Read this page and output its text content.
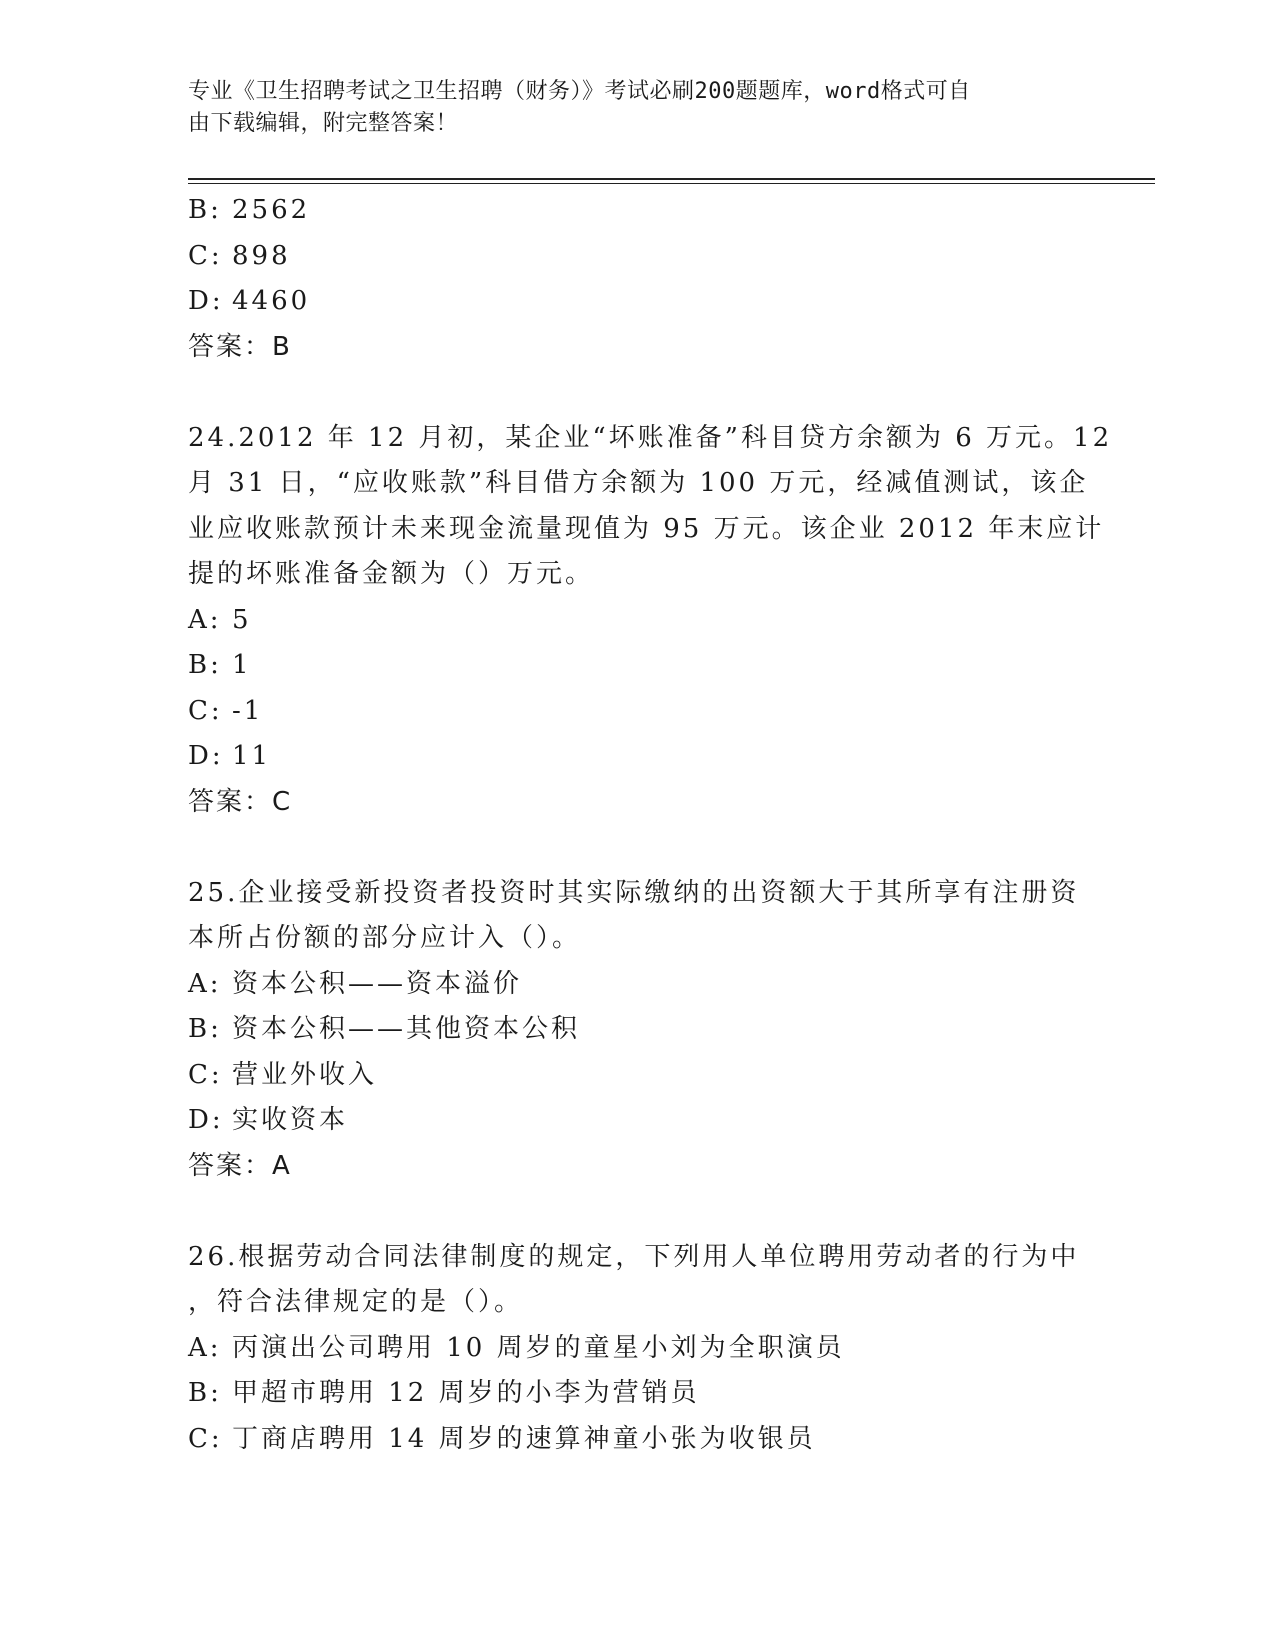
专业《卫生招聘考试之卫生招聘（财务）》考试必刷200题题库，word格式可自
由下载编辑，附完整答案！
B: 2562
C: 898
D: 4460
答案：B
24.2012 年 12 月初，某企业“坏账准备”科目贷方余额为 6 万元。12
月 31 日，“应收账款”科目借方余额为 100 万元，经减值测试，该企
业应收账款预计未来现金流量现值为 95 万元。该企业 2012 年末应计
提的坏账准备金额为（）万元。
A: 5
B: 1
C: -1
D: 11
答案：C
25.企业接受新投资者投资时其实际缴纳的出资额大于其所享有注册资
本所占份额的部分应计入（）。
A: 资本公积——资本溢价
B: 资本公积——其他资本公积
C: 营业外收入
D: 实收资本
答案：A
26.根据劳动合同法律制度的规定，下列用人单位聘用劳动者的行为中
，符合法律规定的是（）。
A: 丙演出公司聘用 10 周岁的童星小刘为全职演员
B: 甲超市聘用 12 周岁的小李为营销员
C: 丁商店聘用 14 周岁的速算神童小张为收银员
